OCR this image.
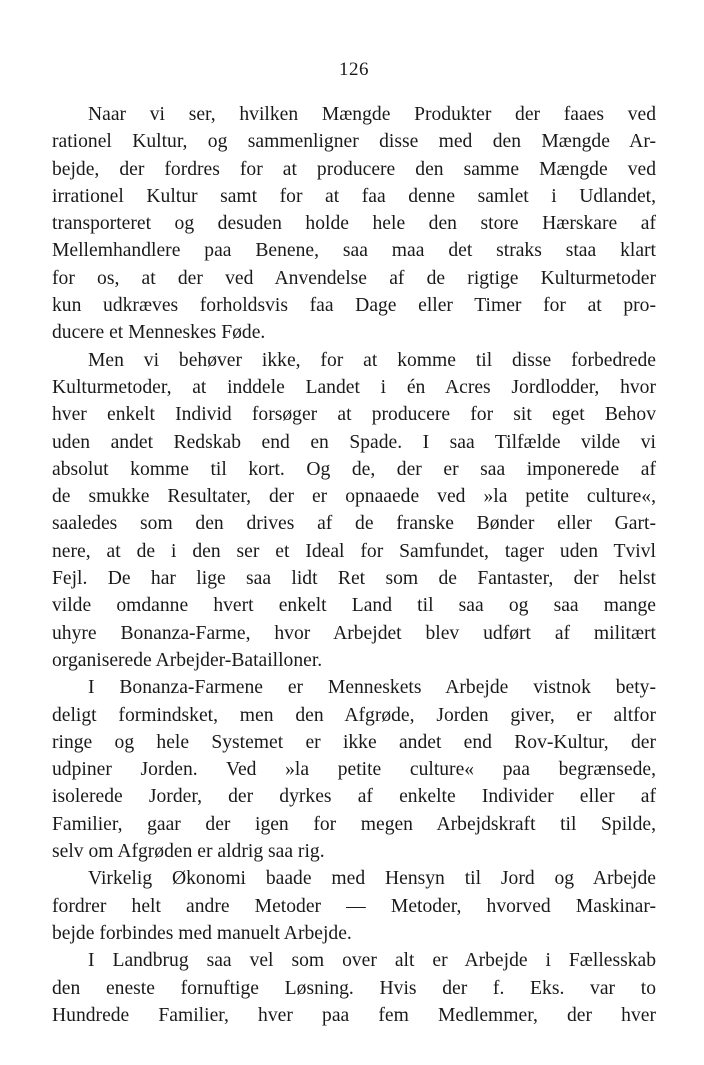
126
Naar vi ser, hvilken Mængde Produkter der faaes ved
rationel Kultur, og sammenligner disse med den Mængde Ar-
bejde, der fordres for at producere den samme Mængde ved
irrationel Kultur samt for at faa denne samlet i Udlandet,
transporteret og desuden holde hele den store Hærskare af
Mellemhandlere paa Benene, saa maa det straks staa klart
for os, at der ved Anvendelse af de rigtige Kulturmetoder
kun udkræves forholdsvis faa Dage eller Timer for at pro-
ducere et Menneskes Føde.
Men vi behøver ikke, for at komme til disse forbedrede
Kulturmetoder, at inddele Landet i én Acres Jordlodder, hvor
hver enkelt Individ forsøger at producere for sit eget Behov
uden andet Redskab end en Spade. I saa Tilfælde vilde vi
absolut komme til kort. Og de, der er saa imponerede af
de smukke Resultater, der er opnaaede ved »la petite culture«,
saaledes som den drives af de franske Bønder eller Gart-
nere, at de i den ser et Ideal for Samfundet, tager uden Tvivl
Fejl. De har lige saa lidt Ret som de Fantaster, der helst
vilde omdanne hvert enkelt Land til saa og saa mange
uhyre Bonanza-Farme, hvor Arbejdet blev udført af militært
organiserede Arbejder-Batailloner.
I Bonanza-Farmene er Menneskets Arbejde vistnok bety-
deligt formindsket, men den Afgrøde, Jorden giver, er altfor
ringe og hele Systemet er ikke andet end Rov-Kultur, der
udpiner Jorden. Ved »la petite culture« paa begrænsede,
isolerede Jorder, der dyrkes af enkelte Individer eller af
Familier, gaar der igen for megen Arbejdskraft til Spilde,
selv om Afgrøden er aldrig saa rig.
Virkelig Økonomi baade med Hensyn til Jord og Arbejde
fordrer helt andre Metoder — Metoder, hvorved Maskinar-
bejde forbindes med manuelt Arbejde.
I Landbrug saa vel som over alt er Arbejde i Fællesskab
den eneste fornuftige Løsning. Hvis der f. Eks. var to
Hundrede Familier, hver paa fem Medlemmer, der hver
